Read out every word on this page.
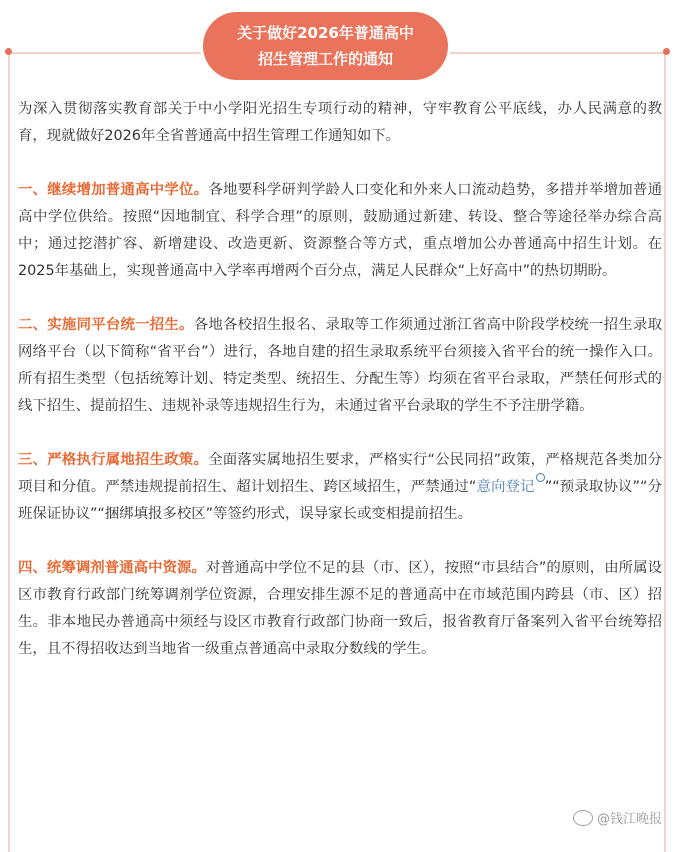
关于做好2026年普通高中
招生管理工作的通知

为深入贯彻落实教育部关于中小学阳光招生专项行动的精神，守牢教育公平底线，办人民满意的教育，现就做好2026年全省普通高中招生管理工作通知如下。

一、继续增加普通高中学位。各地要科学研判学龄人口变化和外来人口流动趋势，多措并举增加普通高中学位供给。按照“因地制宜、科学合理”的原则，鼓励通过新建、转设、整合等途径举办综合高中；通过挖潜扩容、新增建设、改造更新、资源整合等方式，重点增加公办普通高中招生计划。在2025年基础上，实现普通高中入学率再增两个百分点，满足人民群众“上好高中”的热切期盼。

二、实施同平台统一招生。各地各校招生报名、录取等工作须通过浙江省高中阶段学校统一招生录取网络平台（以下简称“省平台”）进行，各地自建的招生录取系统平台须接入省平台的统一操作入口。所有招生类型（包括统筹计划、特定类型、统招生、分配生等）均须在省平台录取，严禁任何形式的线下招生、提前招生、违规补录等违规招生行为，未通过省平台录取的学生不予注册学籍。

三、严格执行属地招生政策。全面落实属地招生要求，严格实行“公民同招”政策，严格规范各类加分项目和分值。严禁违规提前招生、超计划招生、跨区域招生，严禁通过“意向登记 ”“预录取协议”“分班保证协议”“捆绑填报多校区”等签约形式，误导家长或变相提前招生。

四、统筹调剂普通高中资源。对普通高中学位不足的县（市、区），按照“市县结合”的原则，由所属设区市教育行政部门统筹调剂学位资源，合理安排生源不足的普通高中在市域范围内跨县（市、区）招生。非本地民办普通高中须经与设区市教育行政部门协商一致后，报省教育厅备案列入省平台统筹招生，且不得招收达到当地省一级重点普通高中录取分数线的学生。

@钱江晚报
